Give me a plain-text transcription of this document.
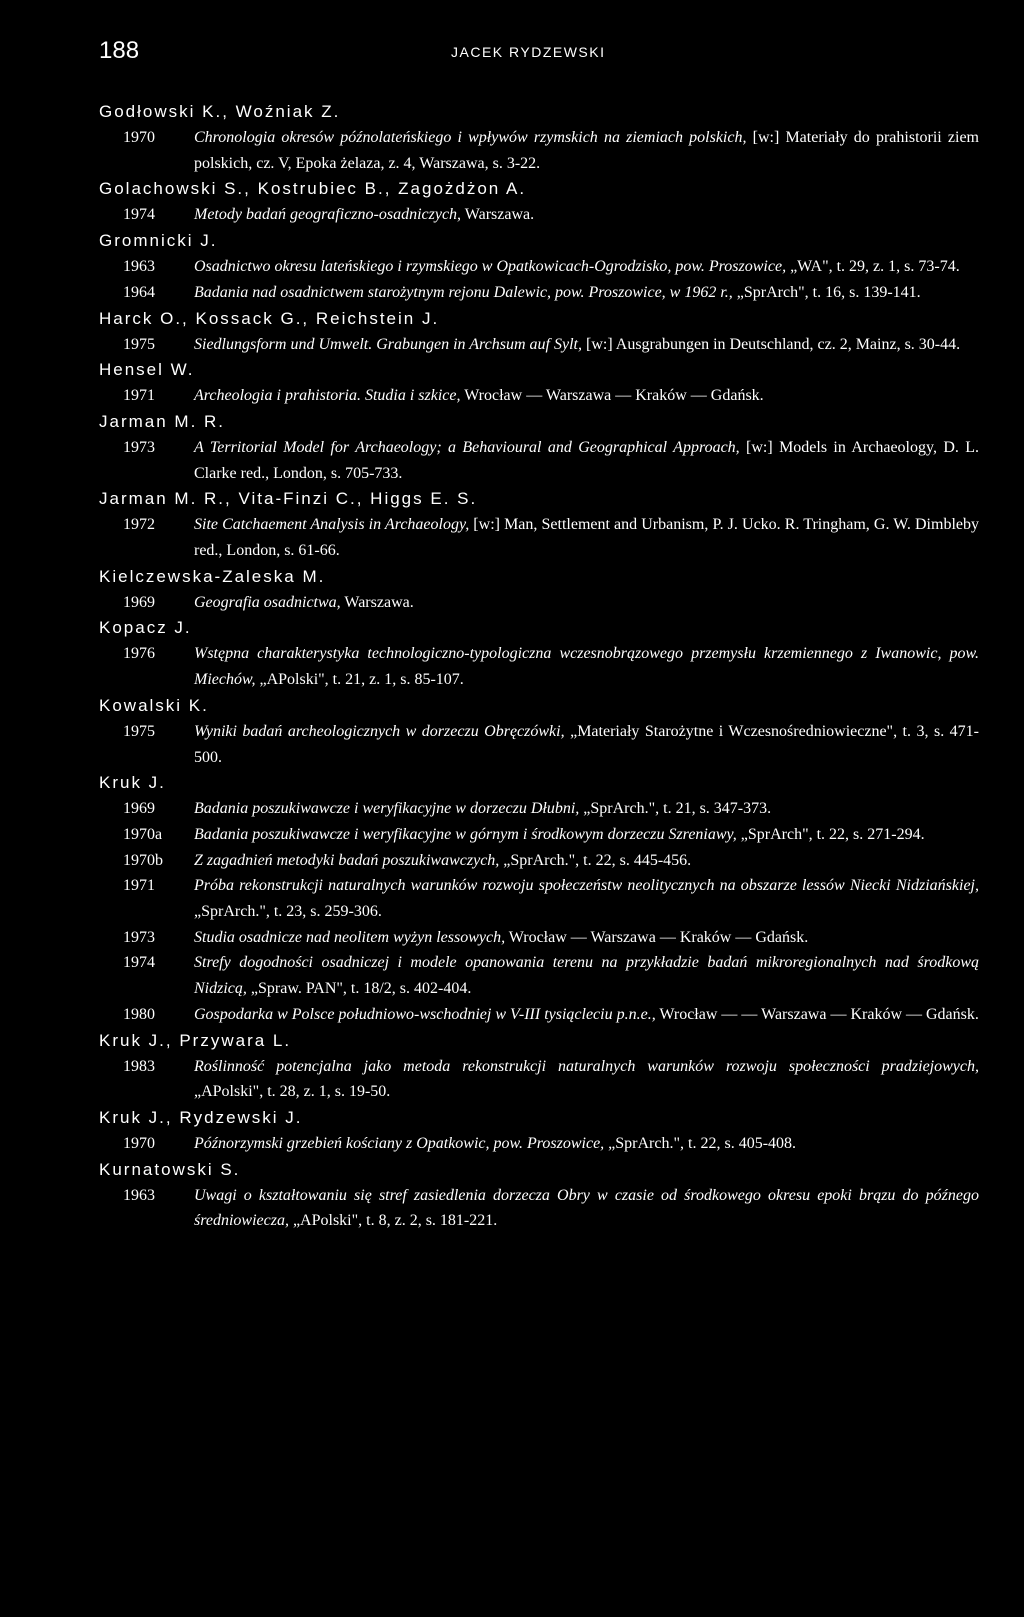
188	JACEK RYDZEWSKI
Godłowski K., Woźniak Z.
1970	Chronologia okresów późnolateńskiego i wpływów rzymskich na ziemiach polskich, [w:] Materiały do prahistorii ziem polskich, cz. V, Epoka żelaza, z. 4, Warszawa, s. 3-22.
Golachowski S., Kostrubiec B., Zagożdżon A.
1974	Metody badań geograficzno-osadniczych, Warszawa.
Gromnicki J.
1963	Osadnictwo okresu lateńskiego i rzymskiego w Opatkowicach-Ogrodzisko, pow. Proszowice, „WA", t. 29, z. 1, s. 73-74.
1964	Badania nad osadnictwem starożytnym rejonu Dalewic, pow. Proszowice, w 1962 r., „SprArch", t. 16, s. 139-141.
Harck O., Kossack G., Reichstein J.
1975	Siedlungsform und Umwelt. Grabungen in Archsum auf Sylt, [w:] Ausgrabungen in Deutschland, cz. 2, Mainz, s. 30-44.
Hensel W.
1971	Archeologia i prahistoria. Studia i szkice, Wrocław — Warszawa — Kraków — Gdańsk.
Jarman M. R.
1973	A Territorial Model for Archaeology; a Behavioural and Geographical Approach, [w:] Models in Archaeology, D. L. Clarke red., London, s. 705-733.
Jarman M. R., Vita-Finzi C., Higgs E. S.
1972	Site Catchaement Analysis in Archaeology, [w:] Man, Settlement and Urbanism, P. J. Ucko. R. Tringham, G. W. Dimbleby red., London, s. 61-66.
Kielczewska-Zaleska M.
1969	Geografia osadnictwa, Warszawa.
Kopacz J.
1976	Wstępna charakterystyka technologiczno-typologiczna wczesnobrązowego przemysłu krzemiennego z Iwanowic, pow. Miechów, „APolski", t. 21, z. 1, s. 85-107.
Kowalski K.
1975	Wyniki badań archeologicznych w dorzeczu Obręczówki, „Materiały Starożytne i Wczesnośredniowieczne", t. 3, s. 471-500.
Kruk J.
1969	Badania poszukiwawcze i weryfikacyjne w dorzeczu Dłubni, „SprArch.", t. 21, s. 347-373.
1970a	Badania poszukiwawcze i weryfikacyjne w górnym i środkowym dorzeczu Szreniawy, „SprArch", t. 22, s. 271-294.
1970b	Z zagadnień metodyki badań poszukiwawczych, „SprArch.", t. 22, s. 445-456.
1971	Próba rekonstrukcji naturalnych warunków rozwoju społeczeństw neolitycznych na obszarze lessów Niecki Nidziańskiej, „SprArch.", t. 23, s. 259-306.
1973	Studia osadnicze nad neolitem wyżyn lessowych, Wrocław — Warszawa — Kraków — Gdańsk.
1974	Strefy dogodności osadniczej i modele opanowania terenu na przykładzie badań mikroregionalnych nad środkową Nidzicą, „Spraw. PAN", t. 18/2, s. 402-404.
1980	Gospodarka w Polsce południowo-wschodniej w V-III tysiącleciu p.n.e., Wrocław — — Warszawa — Kraków — Gdańsk.
Kruk J., Przywara L.
1983	Roślinność potencjalna jako metoda rekonstrukcji naturalnych warunków rozwoju społeczności pradziejowych, „APolski", t. 28, z. 1, s. 19-50.
Kruk J., Rydzewski J.
1970	Późnorzymski grzebień kościany z Opatkowic, pow. Proszowice, „SprArch.", t. 22, s. 405-408.
Kurnatowski S.
1963	Uwagi o kształtowaniu się stref zasiedlenia dorzecza Obry w czasie od środkowego okresu epoki brązu do późnego średniowiecza, „APolski", t. 8, z. 2, s. 181-221.
